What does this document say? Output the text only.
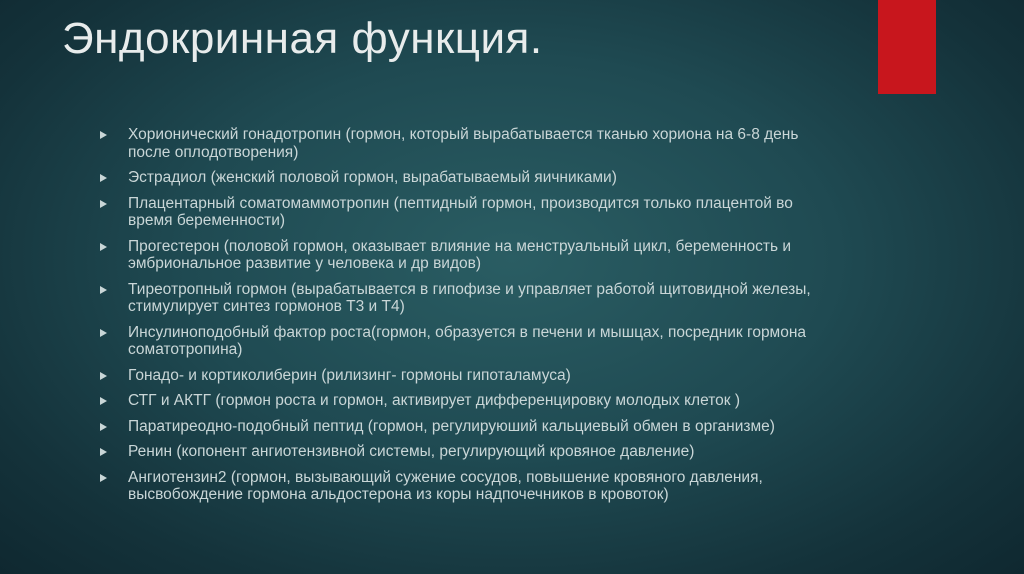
Эндокринная функция.
Хорионический гонадотропин (гормон, который вырабатывается тканью хориона на 6-8 день после оплодотворения)
Эстрадиол (женский половой гормон, вырабатываемый яичниками)
Плацентарный соматомаммотропин (пептидный гормон, производится только плацентой во время беременности)
Прогестерон (половой гормон, оказывает влияние на менструальный цикл, беременность и эмбриональное развитие у человека и др видов)
Тиреотропный гормон (вырабатывается в гипофизе и управляет работой щитовидной железы, стимулирует синтез гормонов Т3 и Т4)
Инсулиноподобный фактор роста(гормон, образуется в печени и мышцах, посредник гормона соматотропина)
Гонадо- и кортиколиберин (рилизинг- гормоны гипоталамуса)
СТГ и АКТГ (гормон роста и гормон, активирует дифференцировку молодых клеток )
Паратиреодно-подобный пептид (гормон, регулируюший кальциевый обмен в организме)
Ренин (копонент ангиотензивной системы, регулирующий кровяное давление)
Ангиотензин2 (гормон, вызывающий сужение сосудов, повышение кровяного давления, высвобождение гормона альдостерона из коры надпочечников в кровоток)
